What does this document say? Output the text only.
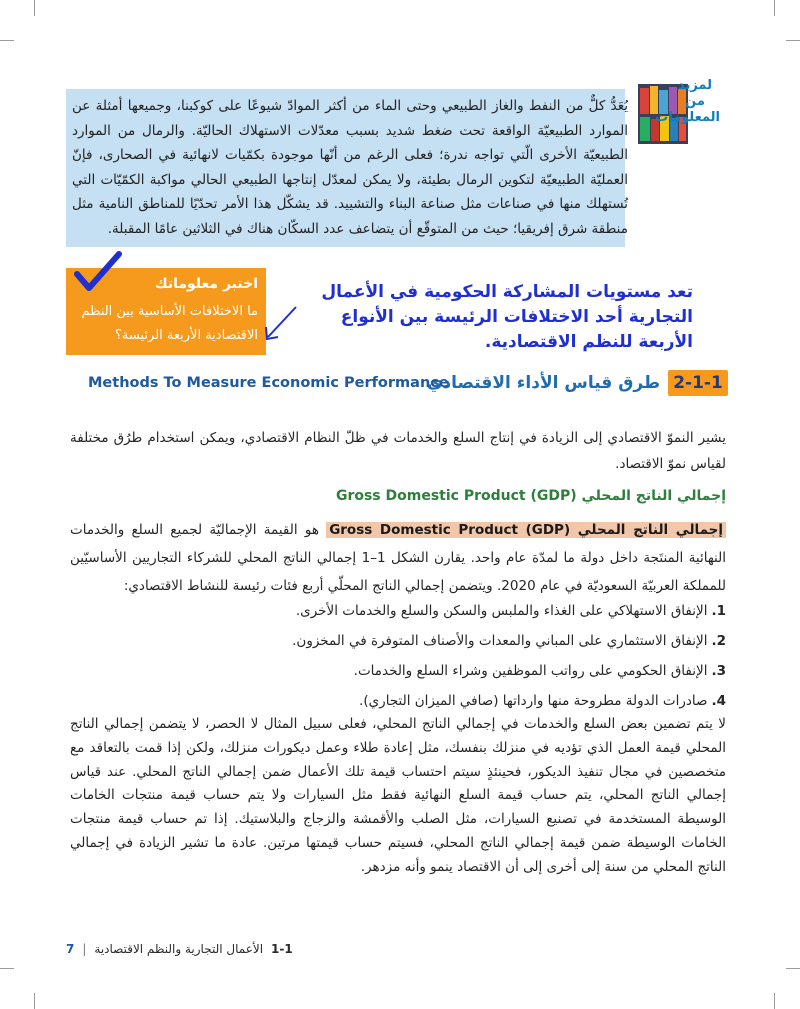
لمزيد من المعلومات
يُعَدُّ كلٌّ من النفط والغاز الطبيعي وحتى الماء من أكثر الموادّ شيوعًا على كوكبنا، وجميعها أمثلة عن الموارد الطبيعيّة الواقعة تحت ضغط شديد بسبب معدّلات الاستهلاك الحاليّة. والرمال من الموارد الطبيعيّة الأخرى الّتي تواجه ندرة؛ فعلى الرغم من أنّها موجودة بكمّيات لانهائية في الصحارى، فإنّ العمليّة الطبيعيّة لتكوين الرمال بطيئة، ولا يمكن لمعدّل إنتاجها الطبيعي الحالي مواكبة الكمّيّات التي تُستهلك منها في صناعات مثل صناعة البناء والتشييد. قد يشكّل هذا الأمر تحدّيًا للمناطق النامية مثل منطقة شرق إفريقيا؛ حيث من المتوقّع أن يتضاعف عدد السكّان هناك في الثلاثين عامًا المقبلة.
اختبر معلوماتك
ما الاختلافات الأساسية بين النظم الاقتصادية الأربعة الرئيسة؟
تعد مستويات المشاركة الحكومية في الأعمال التجارية أحد الاختلافات الرئيسة بين الأنواع الأربعة للنظم الاقتصادية.
2-1-1
طرق قياس الأداء الاقتصادي
Methods To Measure Economic Performance
يشير النموّ الاقتصادي إلى الزيادة في إنتاج السلع والخدمات في ظلّ النظام الاقتصادي، ويمكن استخدام طرُق مختلفة لقياس نموّ الاقتصاد.
إجمالي الناتج المحلي Gross Domestic Product (GDP)
إجمالي الناتج المحلي Gross Domestic Product (GDP) هو القيمة الإجماليّة لجميع السلع والخدمات النهائية المنتَجة داخل دولة ما لمدّة عام واحد. يقارن الشكل 1–1 إجمالي الناتج المحلي للشركاء التجاريين الأساسيّين للمملكة العربيّة السعوديّة في عام 2020. ويتضمن إجمالي الناتج المحلّي أربع فئات رئيسة للنشاط الاقتصادي:
1.الإنفاق الاستهلاكي على الغذاء والملبس والسكن والسلع والخدمات الأخرى.
2.الإنفاق الاستثماري على المباني والمعدات والأصناف المتوفرة في المخزون.
3.الإنفاق الحكومي على رواتب الموظفين وشراء السلع والخدمات.
4.صادرات الدولة مطروحة منها وارداتها (صافي الميزان التجاري).
لا يتم تضمين بعض السلع والخدمات في إجمالي الناتج المحلي، فعلى سبيل المثال لا الحصر، لا يتضمن إجمالي الناتج المحلي قيمة العمل الذي تؤديه في منزلك بنفسك، مثل إعادة طلاء وعمل ديكورات منزلك، ولكن إذا قمت بالتعاقد مع متخصصين في مجال تنفيذ الديكور، فحينئذٍ سيتم احتساب قيمة تلك الأعمال ضمن إجمالي الناتج المحلي. عند قياس إجمالي الناتج المحلي، يتم حساب قيمة السلع النهائية فقط مثل السيارات ولا يتم حساب قيمة منتجات الخامات الوسيطة المستخدمة في تصنيع السيارات، مثل الصلب والأقمشة والزجاج والبلاستيك. إذا تم حساب قيمة منتجات الخامات الوسيطة ضمن قيمة إجمالي الناتج المحلي، فسيتم حساب قيمتها مرتين. عادة ما تشير الزيادة في إجمالي الناتج المحلي من سنة إلى أخرى إلى أن الاقتصاد ينمو وأنه مزدهر.
1-1
الأعمال التجارية والنظم الاقتصادية
|
7
